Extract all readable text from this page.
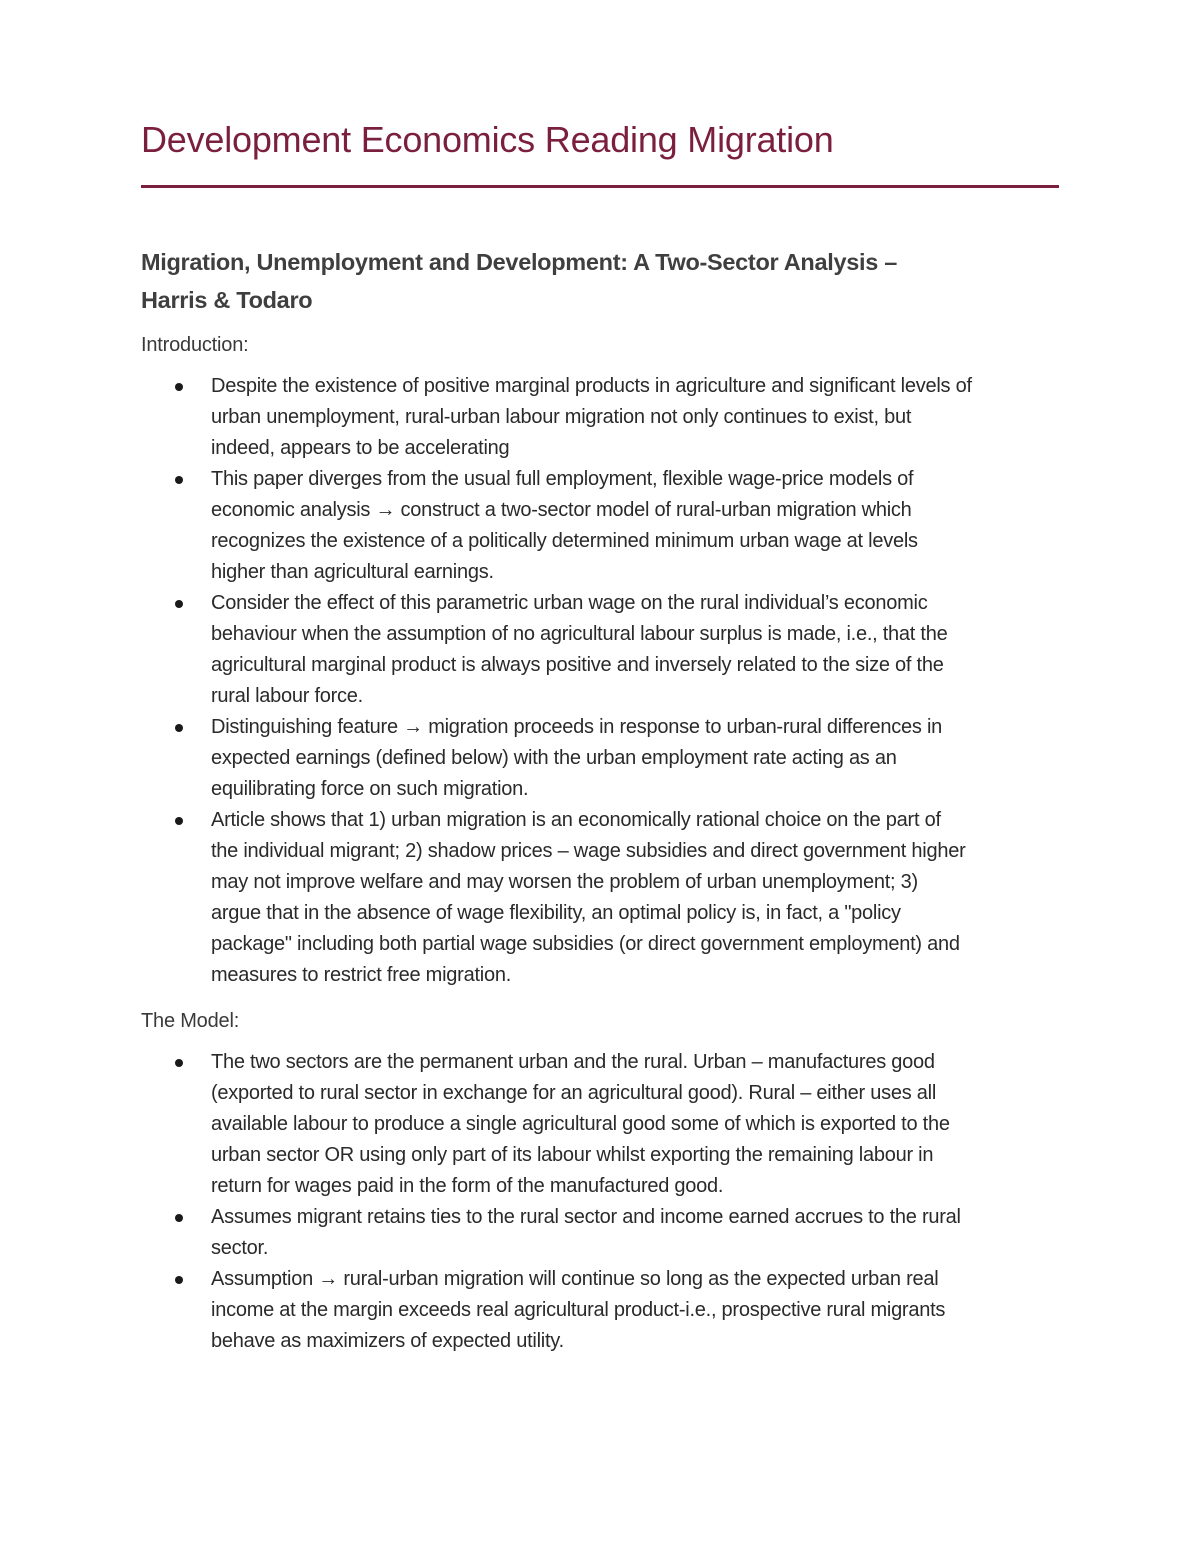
Development Economics Reading Migration
Migration, Unemployment and Development: A Two-Sector Analysis –
Harris & Todaro

Introduction:

Despite the existence of positive marginal products in agriculture and significant levels of
urban unemployment, rural-urban labour migration not only continues to exist, but
indeed, appears to be accelerating
This paper diverges from the usual full employment, flexible wage-price models of
economic analysis → construct a two-sector model of rural-urban migration which
recognizes the existence of a politically determined minimum urban wage at levels
higher than agricultural earnings.
Consider the effect of this parametric urban wage on the rural individual’s economic
behaviour when the assumption of no agricultural labour surplus is made, i.e., that the
agricultural marginal product is always positive and inversely related to the size of the
rural labour force.
Distinguishing feature → migration proceeds in response to urban-rural differences in
expected earnings (defined below) with the urban employment rate acting as an
equilibrating force on such migration.
Article shows that 1) urban migration is an economically rational choice on the part of
the individual migrant; 2) shadow prices – wage subsidies and direct government higher
may not improve welfare and may worsen the problem of urban unemployment; 3)
argue that in the absence of wage flexibility, an optimal policy is, in fact, a "policy
package" including both partial wage subsidies (or direct government employment) and
measures to restrict free migration.

The Model:

The two sectors are the permanent urban and the rural. Urban – manufactures good
(exported to rural sector in exchange for an agricultural good). Rural – either uses all
available labour to produce a single agricultural good some of which is exported to the
urban sector OR using only part of its labour whilst exporting the remaining labour in
return for wages paid in the form of the manufactured good.
Assumes migrant retains ties to the rural sector and income earned accrues to the rural
sector.
Assumption → rural-urban migration will continue so long as the expected urban real
income at the margin exceeds real agricultural product-i.e., prospective rural migrants
behave as maximizers of expected utility.
